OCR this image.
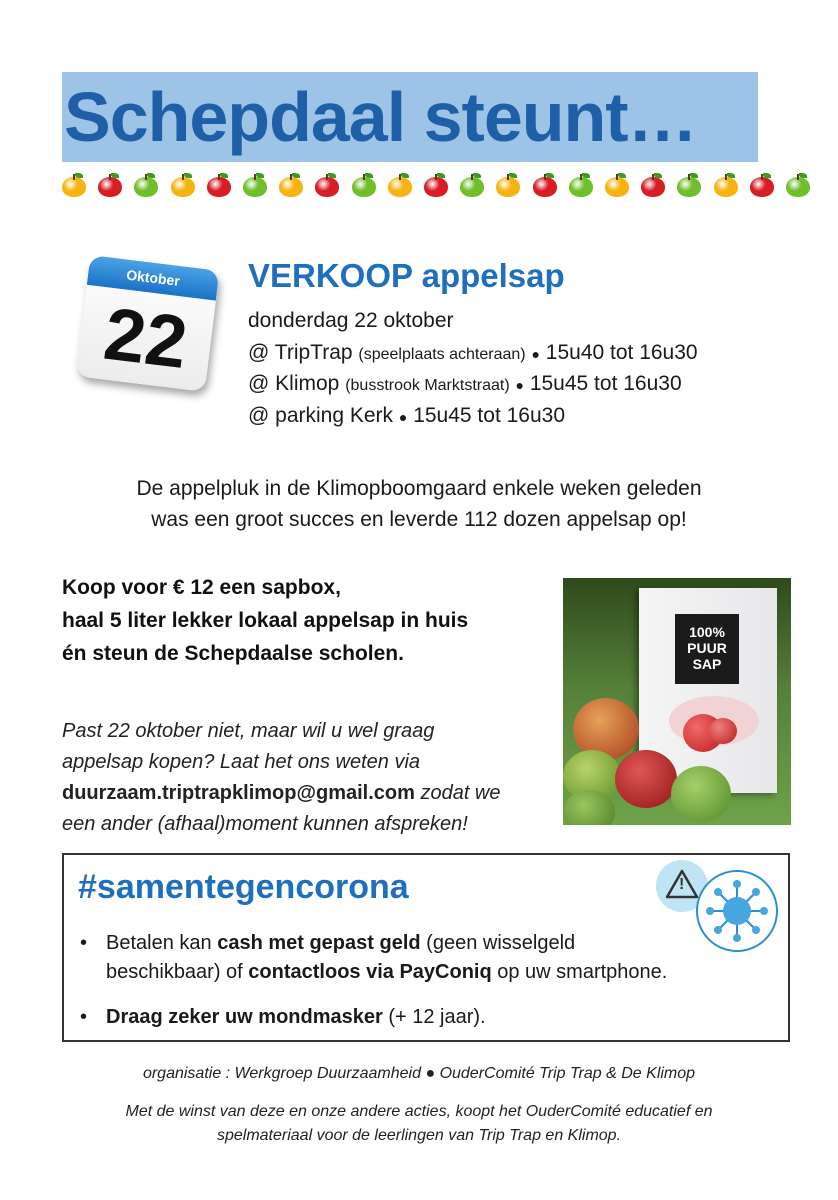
Schepdaal steunt…
Oktober
22
VERKOOP appelsap
donderdag 22 oktober
@ TripTrap (speelplaats achteraan) ● 15u40 tot 16u30
@ Klimop (busstrook Marktstraat) ● 15u45 tot 16u30
@ parking Kerk ● 15u45 tot 16u30
De appelpluk in de Klimopboomgaard enkele weken geleden
was een groot succes en leverde 112 dozen appelsap op!
Koop voor € 12 een sapbox,
haal 5 liter lekker lokaal appelsap in huis
én steun de Schepdaalse scholen.
Past 22 oktober niet, maar wil u wel graag
appelsap kopen? Laat het ons weten via
duurzaam.triptrapklimop@gmail.com zodat we
een ander (afhaal)moment kunnen afspreken!
100% PUUR SAP
#samentegencorona	!
• Betalen kan cash met gepast geld (geen wisselgeld
beschikbaar) of contactloos via PayConiq op uw smartphone.
• Draag zeker uw mondmasker (+ 12 jaar).
organisatie : Werkgroep Duurzaamheid ● OuderComité Trip Trap & De Klimop
Met de winst van deze en onze andere acties, koopt het OuderComité educatief en
spelmateriaal voor de leerlingen van Trip Trap en Klimop.
